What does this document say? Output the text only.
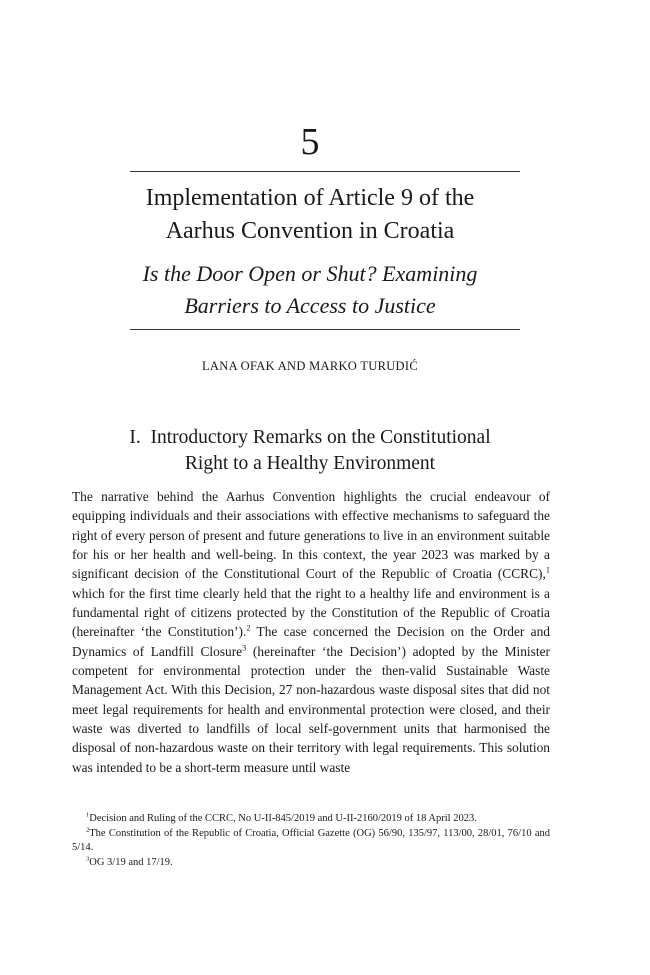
5
Implementation of Article 9 of the
Aarhus Convention in Croatia
Is the Door Open or Shut? Examining
Barriers to Access to Justice
LANA OFAK AND MARKO TURUDIĆ
I.  Introductory Remarks on the Constitutional
Right to a Healthy Environment

The narrative behind the Aarhus Convention highlights the crucial endeavour of equipping individuals and their associations with effective mechanisms to safeguard the right of every person of present and future generations to live in an environment suitable for his or her health and well-being. In this context, the year 2023 was marked by a significant decision of the Constitutional Court of the Republic of Croatia (CCRC),$^1$ which for the first time clearly held that the right to a healthy life and environment is a fundamental right of citizens protected by the Constitution of the Republic of Croatia (hereinafter ‘the Constitution’).$^2$ The case concerned the Decision on the Order and Dynamics of Landfill Closure$^3$ (hereinafter ‘the Decision’) adopted by the Minister competent for environmental protection under the then-valid Sustainable Waste Management Act. With this Decision, 27 non-hazardous waste disposal sites that did not meet legal requirements for health and environmental protection were closed, and their waste was diverted to landfills of local self-government units that harmonised the disposal of non-hazardous waste on their territory with legal requirements. This solution was intended to be a short-term measure until waste

$^1$Decision and Ruling of the CCRC, No U-II-845/2019 and U-II-2160/2019 of 18 April 2023.

$^2$The Constitution of the Republic of Croatia, Official Gazette (OG) 56/90, 135/97, 113/00, 28/01, 76/10 and 5/14.

$^3$OG 3/19 and 17/19.
